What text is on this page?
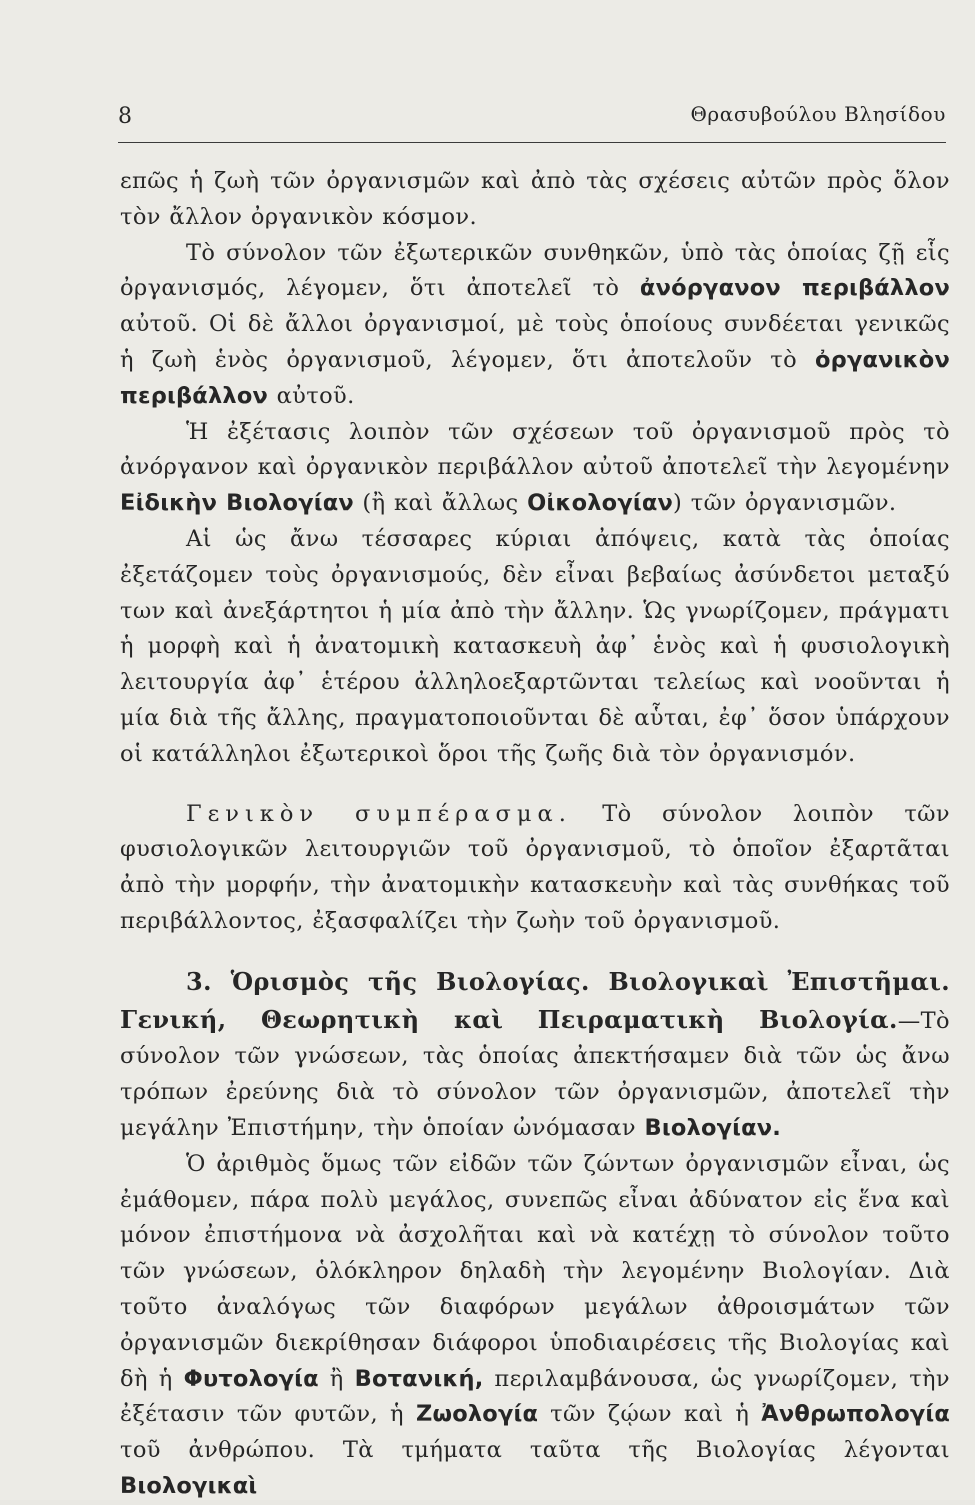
8	Θρασυβούλου Βλησίδου

επῶς ἡ ζωὴ τῶν ὀργανισμῶν καὶ ἀπὸ τὰς σχέσεις αὐτῶν πρὸς ὅλον τὸν ἄλλον ὀργανικὸν κόσμον.

Τὸ σύνολον τῶν ἐξωτερικῶν συνθηκῶν, ὑπὸ τὰς ὁποίας ζῇ εἷς ὀργανισμός, λέγομεν, ὅτι ἀποτελεῖ τὸ ἀνόργανον περιβάλλον αὐτοῦ. Οἱ δὲ ἄλλοι ὀργανισμοί, μὲ τοὺς ὁποίους συνδέεται γενικῶς ἡ ζωὴ ἑνὸς ὀργανισμοῦ, λέγομεν, ὅτι ἀποτελοῦν τὸ ὀργανικὸν περιβάλλον αὐτοῦ.

Ἡ ἐξέτασις λοιπὸν τῶν σχέσεων τοῦ ὀργανισμοῦ πρὸς τὸ ἀνόργανον καὶ ὀργανικὸν περιβάλλον αὐτοῦ ἀποτελεῖ τὴν λεγομένην Εἰδικὴν Βιολογίαν (ἢ καὶ ἄλλως Οἰκολογίαν) τῶν ὀργανισμῶν.

Αἱ ὡς ἄνω τέσσαρες κύριαι ἀπόψεις, κατὰ τὰς ὁποίας ἐξετάζομεν τοὺς ὀργανισμούς, δὲν εἶναι βεβαίως ἀσύνδετοι μεταξύ των καὶ ἀνεξάρτητοι ἡ μία ἀπὸ τὴν ἄλλην. Ὡς γνωρίζομεν, πράγματι ἡ μορφὴ καὶ ἡ ἀνατομικὴ κατασκευὴ ἀφ᾽ ἑνὸς καὶ ἡ φυσιολογικὴ λειτουργία ἀφ᾽ ἑτέρου ἀλληλοεξαρτῶνται τελείως καὶ νοοῦνται ἡ μία διὰ τῆς ἄλλης, πραγματοποιοῦνται δὲ αὗται, ἐφ᾽ ὅσον ὑπάρχουν οἱ κατάλληλοι ἐξωτερικοὶ ὅροι τῆς ζωῆς διὰ τὸν ὀργανισμόν.

Γενικὸν συμπέρασμα. Τὸ σύνολον λοιπὸν τῶν φυσιολογικῶν λειτουργιῶν τοῦ ὀργανισμοῦ, τὸ ὁποῖον ἐξαρτᾶται ἀπὸ τὴν μορφήν, τὴν ἀνατομικὴν κατασκευὴν καὶ τὰς συνθήκας τοῦ περιβάλλοντος, ἐξασφαλίζει τὴν ζωὴν τοῦ ὀργανισμοῦ.

3. Ὁρισμὸς τῆς Βιολογίας. Βιολογικαὶ Ἐπιστῆμαι. Γενική, Θεωρητικὴ καὶ Πειραματικὴ Βιολογία.—Τὸ σύνολον τῶν γνώσεων, τὰς ὁποίας ἀπεκτήσαμεν διὰ τῶν ὡς ἄνω τρόπων ἐρεύνης διὰ τὸ σύνολον τῶν ὀργανισμῶν, ἀποτελεῖ τὴν μεγάλην Ἐπιστήμην, τὴν ὁποίαν ὠνόμασαν Βιολογίαν.

Ὁ ἀριθμὸς ὅμως τῶν εἰδῶν τῶν ζώντων ὀργανισμῶν εἶναι, ὡς ἐμάθομεν, πάρα πολὺ μεγάλος, συνεπῶς εἶναι ἀδύνατον εἰς ἕνα καὶ μόνον ἐπιστήμονα νὰ ἀσχολῆται καὶ νὰ κατέχῃ τὸ σύνολον τοῦτο τῶν γνώσεων, ὁλόκληρον δηλαδὴ τὴν λεγομένην Βιολογίαν. Διὰ τοῦτο ἀναλόγως τῶν διαφόρων μεγάλων ἀθροισμάτων τῶν ὀργανισμῶν διεκρίθησαν διάφοροι ὑποδιαιρέσεις τῆς Βιολογίας καὶ δὴ ἡ Φυτολογία ἢ Βοτανική, περιλαμβάνουσα, ὡς γνωρίζομεν, τὴν ἐξέτασιν τῶν φυτῶν, ἡ Ζωολογία τῶν ζῴων καὶ ἡ Ἀνθρωπολογία τοῦ ἀνθρώπου. Τὰ τμήματα ταῦτα τῆς Βιολογίας λέγονται Βιολογικαὶ
